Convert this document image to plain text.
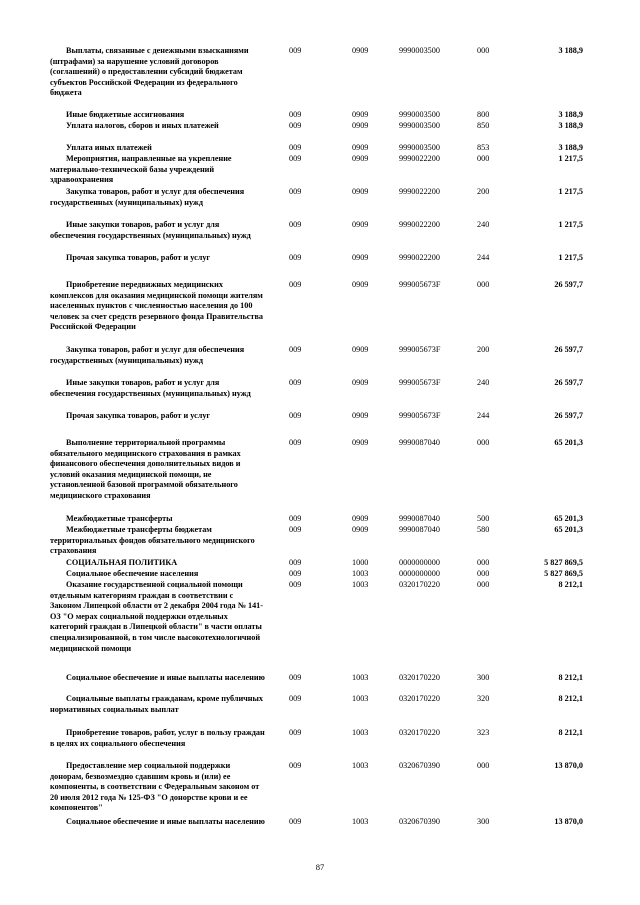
Выплаты, связанные с денежными взысканиями (штрафами) за нарушение условий договоров (соглашений) о предоставлении субсидий бюджетам субъектов Российской Федерации из федерального бюджета
009	0909	9990003500	000	3 188,9
Иные бюджетные ассигнования	009	0909	9990003500	800	3 188,9
Уплата налогов, сборов и иных платежей	009	0909	9990003500	850	3 188,9
Уплата иных платежей	009	0909	9990003500	853	3 188,9
Мероприятия, направленные на укрепление материально-технической базы учреждений здравоохранения
009	0909	9990022200	000	1 217,5
Закупка товаров, работ и услуг для обеспечения государственных (муниципальных) нужд
009	0909	9990022200	200	1 217,5
Иные закупки товаров, работ и услуг для обеспечения государственных (муниципальных) нужд
009	0909	9990022200	240	1 217,5
Прочая закупка товаров, работ и услуг	009	0909	9990022200	244	1 217,5
Приобретение передвижных медицинских комплексов для оказания медицинской помощи жителям населенных пунктов с численностью населения до 100 человек за счет средств резервного фонда Правительства Российской Федерации
009	0909	999005673F	000	26 597,7
Закупка товаров, работ и услуг для обеспечения государственных (муниципальных) нужд
009	0909	999005673F	200	26 597,7
Иные закупки товаров, работ и услуг для обеспечения государственных (муниципальных) нужд
009	0909	999005673F	240	26 597,7
Прочая закупка товаров, работ и услуг	009	0909	999005673F	244	26 597,7
Выполнение территориальной программы обязательного медицинского страхования в рамках финансового обеспечения дополнительных видов и условий оказания медицинской помощи, не установленной базовой программой обязательного медицинского страхования
009	0909	9990087040	000	65 201,3
Межбюджетные трансферты	009	0909	9990087040	500	65 201,3
Межбюджетные трансферты бюджетам территориальных фондов обязательного медицинского страхования
009	0909	9990087040	580	65 201,3
СОЦИАЛЬНАЯ ПОЛИТИКА	009	1000	0000000000	000	5 827 869,5
Социальное обеспечение населения	009	1003	0000000000	000	5 827 869,5
Оказание государственной социальной помощи отдельным категориям граждан в соответствии с Законом Липецкой области от 2 декабря 2004 года № 141-ОЗ "О мерах социальной поддержки отдельных категорий граждан в Липецкой области" в части оплаты специализированной, в том числе высокотехнологичной медицинской помощи
009	1003	0320170220	000	8 212,1
Социальное обеспечение и иные выплаты населению	009	1003	0320170220	300	8 212,1
Социальные выплаты гражданам, кроме публичных нормативных социальных выплат
009	1003	0320170220	320	8 212,1
Приобретение товаров, работ, услуг в пользу граждан в целях их социального обеспечения
009	1003	0320170220	323	8 212,1
Предоставление мер социальной поддержки донорам, безвозмездно сдавшим кровь и (или) ее компоненты, в соответствии с Федеральным законом от 20 июля 2012 года № 125-ФЗ "О донорстве крови и ее компонентов"
009	1003	0320670390	000	13 870,0
Социальное обеспечение и иные выплаты населению	009	1003	0320670390	300	13 870,0
87
